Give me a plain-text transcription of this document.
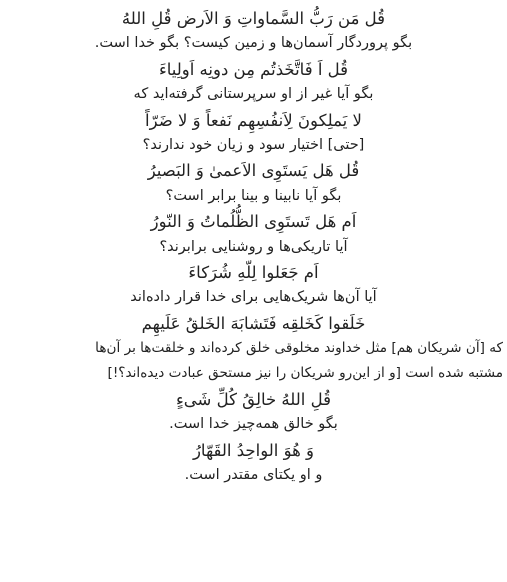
قُل مَن رَبُّ السَّماواتِ وَ الاَرض قُلِ اللهُ
بگو پروردگار آسمان‌ها و زمین کیست؟ بگو خدا است.
قُل اَ فَاتَّخَذتُم مِن دونِه اَولِیاءَ
بگو آیا غیر از او سرپرستانی گرفته‌اید که
لا یَملِکونَ لِاَنفُسِهِم نَفعاً وَ لا ضَرّاً
[حتی] اختیار سود و زیان خود ندارند؟
قُل هَل یَستَوِی الاَعمیٰ وَ البَصیرُ
بگو آیا نابینا و بینا برابر است؟
اَم هَل تَستَوِی الظُّلُماتُ وَ النّورُ
آیا تاریکی‌ها و روشنایی برابرند؟
اَم جَعَلوا لِلّهِ شُرَکاءَ
آیا آن‌ها شریک‌هایی برای خدا قرار داده‌اند
خَلَقوا کَخَلقِه فَتَشابَهَ الخَلقُ عَلَیهِم
که [آن شریکان هم] مثل خداوند مخلوقی خلق کرده‌اند و خلقت‌ها بر آن‌ها
مشتبه شده است [و از این‌رو شریکان را نیز مستحق عبادت دیده‌اند؟!]
قُلِ اللهُ خالِقُ کُلِّ شَیءٍ
بگو خالق همه‌چیز خدا است.
وَ هُوَ الواحِدُ القَهّارُ
و او یکتای مقتدر است.
